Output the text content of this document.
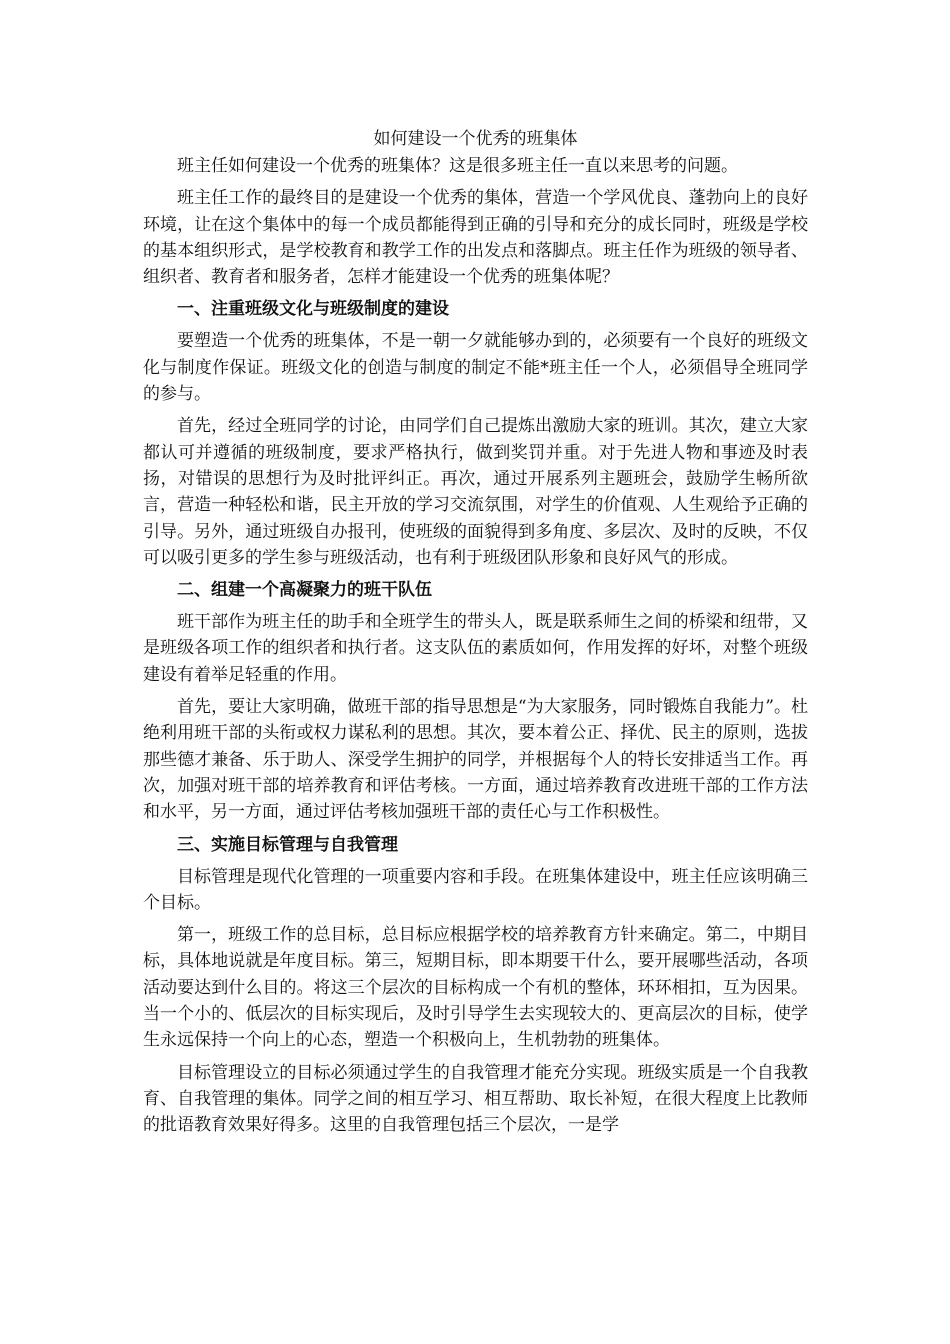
如何建设一个优秀的班集体

班主任如何建设一个优秀的班集体？这是很多班主任一直以来思考的问题。

班主任工作的最终目的是建设一个优秀的集体，营造一个学风优良、蓬勃向上的良好环境，让在这个集体中的每一个成员都能得到正确的引导和充分的成长同时，班级是学校的基本组织形式，是学校教育和教学工作的出发点和落脚点。班主任作为班级的领导者、组织者、教育者和服务者，怎样才能建设一个优秀的班集体呢？

一、注重班级文化与班级制度的建设

要塑造一个优秀的班集体，不是一朝一夕就能够办到的，必须要有一个良好的班级文化与制度作保证。班级文化的创造与制度的制定不能*班主任一个人，必须倡导全班同学的参与。

首先，经过全班同学的讨论，由同学们自己提炼出激励大家的班训。其次，建立大家都认可并遵循的班级制度，要求严格执行，做到奖罚并重。对于先进人物和事迹及时表扬，对错误的思想行为及时批评纠正。再次，通过开展系列主题班会，鼓励学生畅所欲言，营造一种轻松和谐，民主开放的学习交流氛围，对学生的价值观、人生观给予正确的引导。另外，通过班级自办报刊，使班级的面貌得到多角度、多层次、及时的反映，不仅可以吸引更多的学生参与班级活动，也有利于班级团队形象和良好风气的形成。

二、组建一个高凝聚力的班干队伍

班干部作为班主任的助手和全班学生的带头人，既是联系师生之间的桥梁和纽带，又是班级各项工作的组织者和执行者。这支队伍的素质如何，作用发挥的好坏，对整个班级建设有着举足轻重的作用。

首先，要让大家明确，做班干部的指导思想是“为大家服务，同时锻炼自我能力”。杜绝利用班干部的头衔或权力谋私利的思想。其次，要本着公正、择优、民主的原则，选拔那些德才兼备、乐于助人、深受学生拥护的同学，并根据每个人的特长安排适当工作。再次，加强对班干部的培养教育和评估考核。一方面，通过培养教育改进班干部的工作方法和水平，另一方面，通过评估考核加强班干部的责任心与工作积极性。

三、实施目标管理与自我管理

目标管理是现代化管理的一项重要内容和手段。在班集体建设中，班主任应该明确三个目标。

第一，班级工作的总目标，总目标应根据学校的培养教育方针来确定。第二，中期目标，具体地说就是年度目标。第三，短期目标，即本期要干什么，要开展哪些活动，各项活动要达到什么目的。将这三个层次的目标构成一个有机的整体，环环相扣，互为因果。当一个小的、低层次的目标实现后，及时引导学生去实现较大的、更高层次的目标，使学生永远保持一个向上的心态，塑造一个积极向上，生机勃勃的班集体。

目标管理设立的目标必须通过学生的自我管理才能充分实现。班级实质是一个自我教育、自我管理的集体。同学之间的相互学习、相互帮助、取长补短，在很大程度上比教师的批语教育效果好得多。这里的自我管理包括三个层次，一是学
